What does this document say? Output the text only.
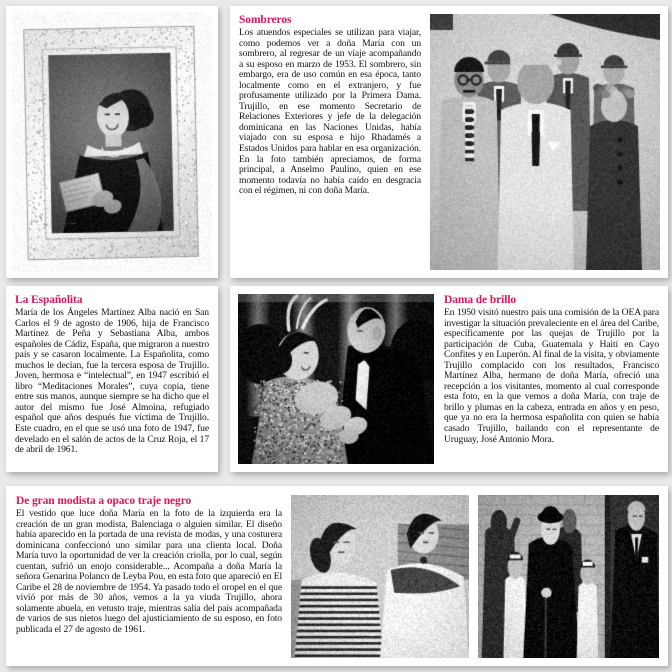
Sombreros
Los atuendos especiales se utilizan para viajar, como podemos ver a doña María con un sombrero, al regresar de un viaje acompañando a su esposo en marzo de 1953. El sombrero, sin embargo, era de uso común en esa época, tanto localmente como en el extranjero, y fue profusamente utilizado por la Primera Dama. Trujillo, en ese momento Secretario de Relaciones Exteriores y jefe de la delegación dominicana en las Naciones Unidas, había viajado con su esposa e hijo Rhadamés a Estados Unidos para hablar en esa organización. En la foto también apreciamos, de forma principal, a Anselmo Paulino, quien en ese momento todavía no había caído en desgracia con el régimen, ni con doña María.
La Españolita
María de los Ángeles Martínez Alba nació en San Carlos el 9 de agosto de 1906, hija de Francisco Martínez de Peña y Sebastiana Alba, ambos españoles de Cádiz, España, que migraron a nuestro país y se casaron localmente. La Españolita, como muchos le decían, fue la tercera esposa de Trujillo. Joven, hermosa e “intelectual”, en 1947 escribió el libro “Meditaciones Morales”, cuya copia, tiene entre sus manos, aunque siempre se ha dicho que el autor del mismo fue José Almoina, refugiado español que años después fue víctima de Trujillo. Este cuadro, en el que se usó una foto de 1947, fue develado en el salón de actos de la Cruz Roja, el 17 de abril de 1961.
Dama de brillo
En 1950 visitó nuestro país una comisión de la OEA para investigar la situación prevaleciente en el área del Caribe, específicamente por las quejas de Trujillo por la participación de Cuba, Guatemala y Haití en Cayo Confites y en Luperón. Al final de la visita, y obviamente Trujillo complacido con los resultados, Francisco Martínez Alba, hermano de doña María, ofreció una recepción a los visitantes, momento al cual corresponde esta foto, en la que vemos a doña María, con traje de brillo y plumas en la cabeza, entrada en años y en peso, que ya no era la hermosa españolita con quien se había casado Trujillo, bailando con el representante de Uruguay, José Antonio Mora.
De gran modista a opaco traje negro
El vestido que luce doña María en la foto de la izquierda era la creación de un gran modista, Balenciaga o alguien similar. El diseño había aparecido en la portada de una revista de modas, y una costurera dominicana confeccionó uno similar para una clienta local. Doña María tuvo la oportunidad de ver la creación criolla, por lo cual, según cuentan, sufrió un enojo considerable... Acompaña a doña María la señora Genarina Polanco de Leyba Pou, en esta foto que apareció en El Caribe el 28 de noviembre de 1954. Ya pasado todo el oropel en el que vivió por más de 30 años, vemos a la ya viuda Trujillo, ahora solamente abuela, en vetusto traje, mientras salía del país acompañada de varios de sus nietos luego del ajusticiamiento de su esposo, en foto publicada el 27 de agosto de 1961.
